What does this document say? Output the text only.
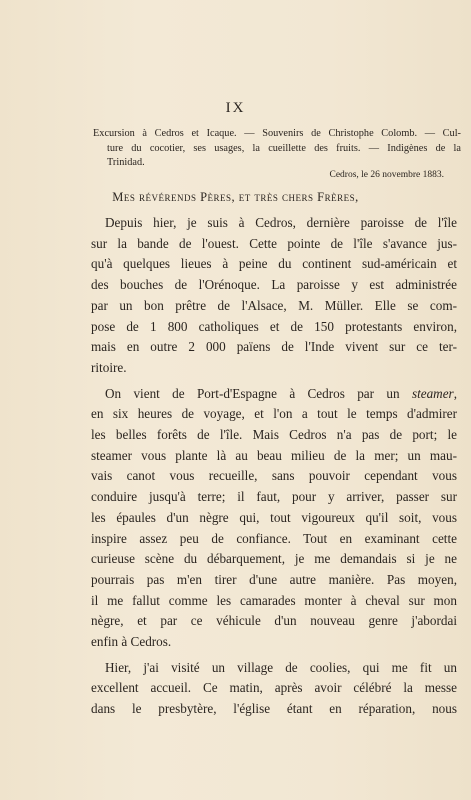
IX
Excursion à Cedros et Icaque. — Souvenirs de Christophe Colomb. — Cul-
ture du cocotier, ses usages, la cueillette des fruits. — Indigènes de la
Trinidad.
Cedros, le 26 novembre 1883.
Mes révérends Pères, et très chers Frères,
Depuis hier, je suis à Cedros, dernière paroisse de l'île
sur la bande de l'ouest. Cette pointe de l'île s'avance jus-
qu'à quelques lieues à peine du continent sud-américain et
des bouches de l'Orénoque. La paroisse y est administrée
par un bon prêtre de l'Alsace, M. Müller. Elle se com-
pose de 1 800 catholiques et de 150 protestants environ,
mais en outre 2 000 païens de l'Inde vivent sur ce ter-
ritoire.
On vient de Port-d'Espagne à Cedros par un steamer,
en six heures de voyage, et l'on a tout le temps d'admirer
les belles forêts de l'île. Mais Cedros n'a pas de port; le
steamer vous plante là au beau milieu de la mer; un mau-
vais canot vous recueille, sans pouvoir cependant vous
conduire jusqu'à terre; il faut, pour y arriver, passer sur
les épaules d'un nègre qui, tout vigoureux qu'il soit, vous
inspire assez peu de confiance. Tout en examinant cette
curieuse scène du débarquement, je me demandais si je ne
pourrais pas m'en tirer d'une autre manière. Pas moyen,
il me fallut comme les camarades monter à cheval sur mon
nègre, et par ce véhicule d'un nouveau genre j'abordai
enfin à Cedros.
Hier, j'ai visité un village de coolies, qui me fit un
excellent accueil. Ce matin, après avoir célébré la messe
dans le presbytère, l'église étant en réparation, nous
